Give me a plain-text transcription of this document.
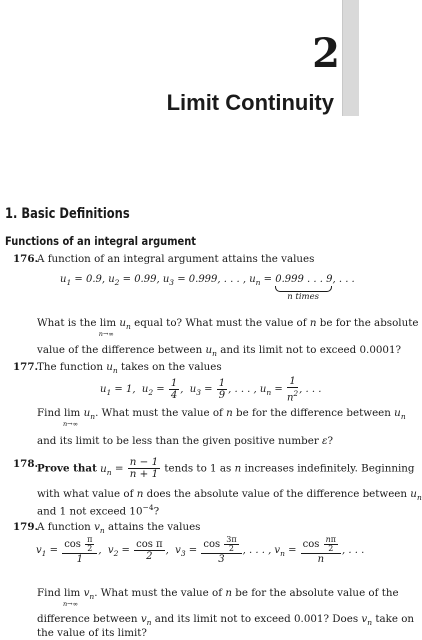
2
Limit Continuity
1. Basic Definitions
Functions of an integral argument
176.
A function of an integral argument attains the values
$u_1 = 0.9$, $u_2 = 0.99$, $u_3 = 0.999$, . . . , $u_n = 0.999$ . . . 9
n times
, . . .
What is the lim
n→∞
$u_n$ equal to? What must the value of n be for the absolute
value of the difference between $u_n$ and its limit not to exceed 0.0001?
177.
The function $u_n$ takes on the values
$u_1 = 1$,  $u_2 = \frac{1}{4}$ ,  $u_3 = \frac{1}{9}$ , . . . , $u_n = \frac{1}{n^2}$ , . . .
Find lim
n→∞
$u_n$. What must the value of n be for the difference between $u_n$
and its limit to be less than the given positive number ε?
178.
Prove that $u_n = \frac{n - 1}{n + 1}$ tends to 1 as n increases indefinitely. Beginning
with what value of n does the absolute value of the difference between $u_n$
and 1 not exceed $10^{-4}$?
179.
A function $v_n$ attains the values
$v_1 = \frac{\cos \frac{\pi}{2}}{1}$ ,  $v_2 = \frac{\text{cos π}}{2}$ ,  $v_3 = \frac{\cos \frac{3\pi}{2}}{3}$ , . . . , $v_n = \frac{\cos \frac{n\pi}{2}}{n}$ , . . .
Find lim
n→∞
$v_n$. What must the value of n be for the absolute value of the
difference between $v_n$ and its limit not to exceed 0.001? Does $v_n$ take on
the value of its limit?
